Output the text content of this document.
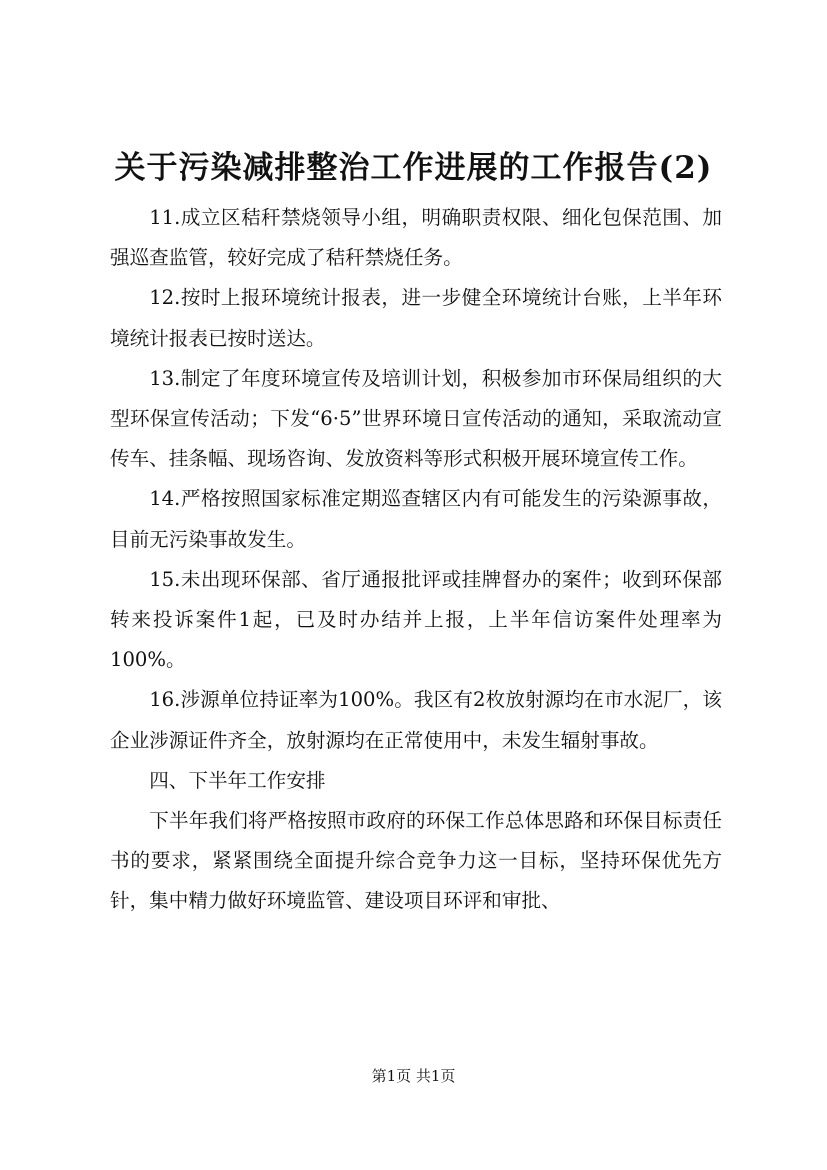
关于污染减排整治工作进展的工作报告(2)

11.成立区秸秆禁烧领导小组，明确职责权限、细化包保范围、加强巡查监管，较好完成了秸秆禁烧任务。

12.按时上报环境统计报表，进一步健全环境统计台账，上半年环境统计报表已按时送达。

13.制定了年度环境宣传及培训计划，积极参加市环保局组织的大型环保宣传活动；下发“6·5”世界环境日宣传活动的通知，采取流动宣传车、挂条幅、现场咨询、发放资料等形式积极开展环境宣传工作。

14.严格按照国家标准定期巡查辖区内有可能发生的污染源事故，目前无污染事故发生。

15.未出现环保部、省厅通报批评或挂牌督办的案件；收到环保部转来投诉案件1起，已及时办结并上报，上半年信访案件处理率为100%。

16.涉源单位持证率为100%。我区有2枚放射源均在市水泥厂，该企业涉源证件齐全，放射源均在正常使用中，未发生辐射事故。

四、下半年工作安排

下半年我们将严格按照市政府的环保工作总体思路和环保目标责任书的要求，紧紧围绕全面提升综合竞争力这一目标，坚持环保优先方针，集中精力做好环境监管、建设项目环评和审批、

第1页 共1页
